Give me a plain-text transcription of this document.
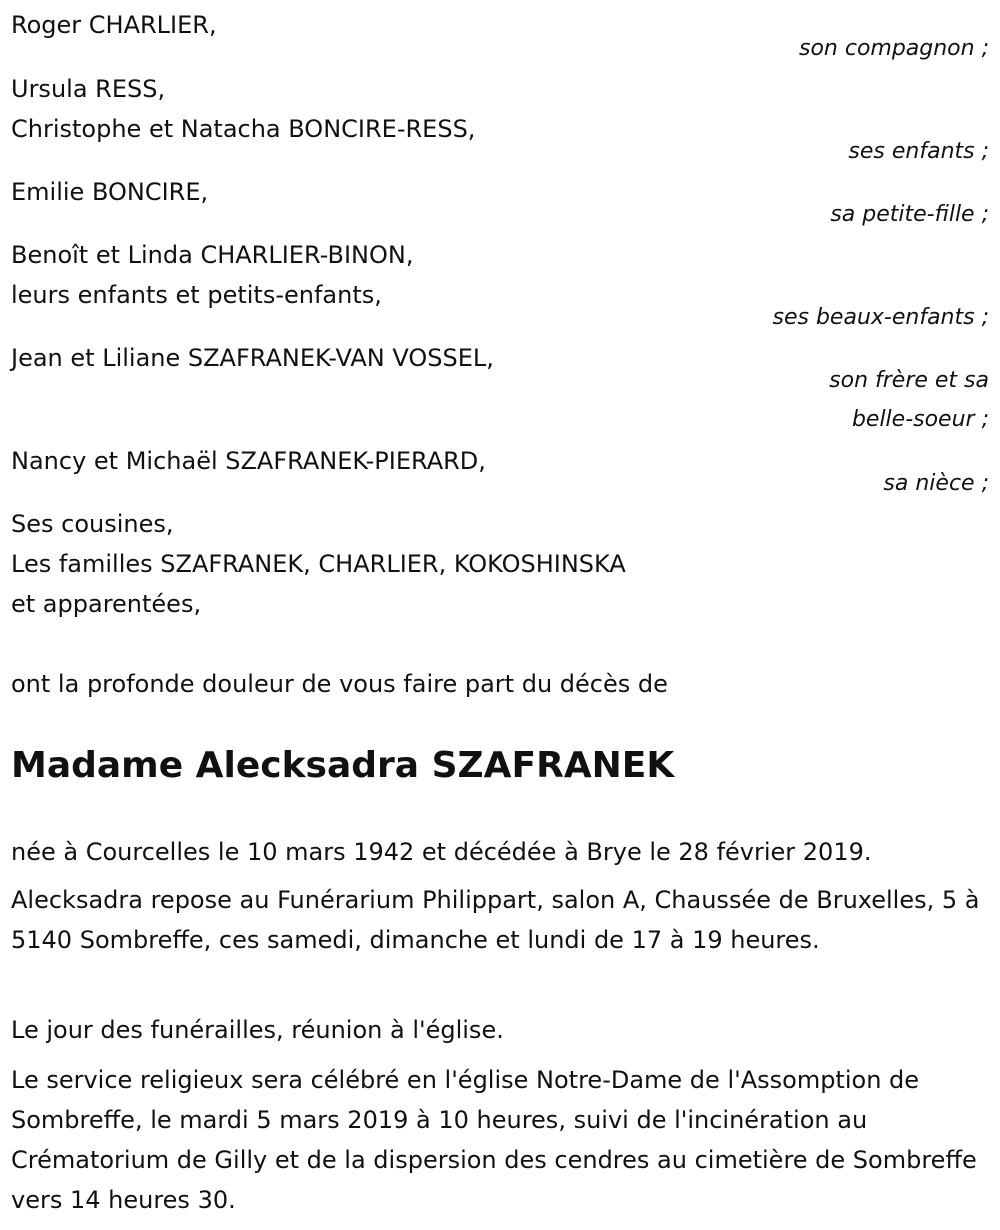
Roger CHARLIER,
son compagnon ;
Ursula RESS,
Christophe et Natacha BONCIRE-RESS,
ses enfants ;
Emilie BONCIRE,
sa petite-fille ;
Benoît et Linda CHARLIER-BINON,
leurs enfants et petits-enfants,
ses beaux-enfants ;
Jean et Liliane SZAFRANEK-VAN VOSSEL,
son frère et sa
belle-soeur ;
Nancy et Michaël SZAFRANEK-PIERARD,
sa nièce ;
Ses cousines,
Les familles SZAFRANEK, CHARLIER, KOKOSHINSKA
et apparentées,
ont la profonde douleur de vous faire part du décès de
Madame Alecksadra SZAFRANEK
née à Courcelles le 10 mars 1942 et décédée à Brye le 28 février 2019.
Alecksadra repose au Funérarium Philippart, salon A, Chaussée de Bruxelles, 5 à 5140 Sombreffe, ces samedi, dimanche et lundi de 17 à 19 heures.
Le jour des funérailles, réunion à l'église.
Le service religieux sera célébré en l'église Notre-Dame de l'Assomption de Sombreffe, le mardi 5 mars 2019 à 10 heures, suivi de l'incinération au Crématorium de Gilly et de la dispersion des cendres au cimetière de Sombreffe vers 14 heures 30.
